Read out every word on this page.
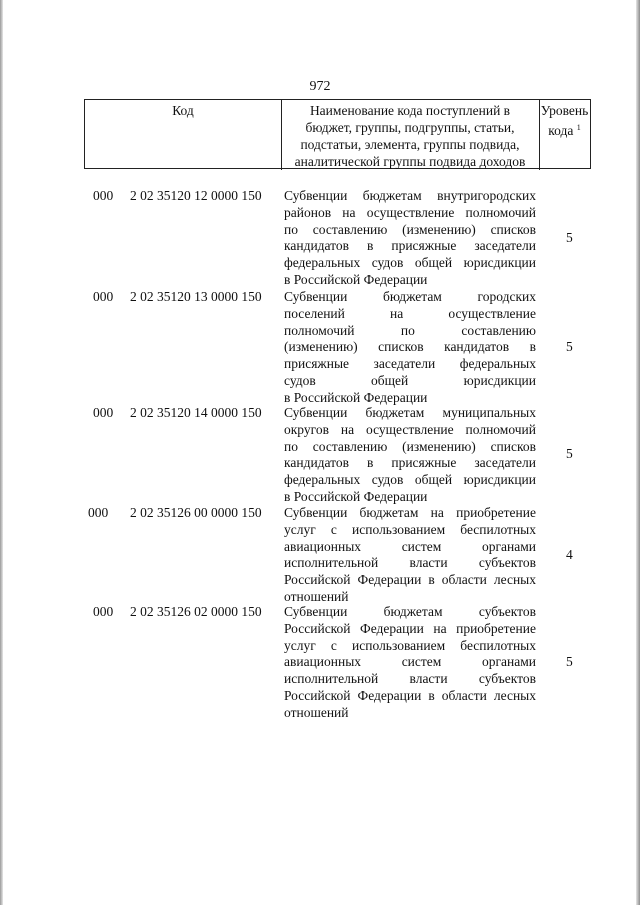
972
Код	Наименование кода поступлений в
бюджет, группы, подгруппы, статьи,
подстатьи, элемента, группы подвида,
аналитической группы подвида доходов
Уровень
кода $^1$
000 2 02 35120 12 0000 150 Субвенции бюджетам внутригородских
районов на осуществление полномочий
по составлению (изменению) списков
кандидатов в присяжные заседатели
федеральных судов общей юрисдикции
в Российской Федерации
5
000 2 02 35120 13 0000 150 Субвенции бюджетам городских
поселений на осуществление
полномочий по составлению
(изменению) списков кандидатов в
присяжные заседатели федеральных
судов общей юрисдикции
в Российской Федерации
5
000 2 02 35120 14 0000 150 Субвенции бюджетам муниципальных
округов на осуществление полномочий
по составлению (изменению) списков
кандидатов в присяжные заседатели
федеральных судов общей юрисдикции
в Российской Федерации
5
000 2 02 35126 00 0000 150 Субвенции бюджетам на приобретение
услуг с использованием беспилотных
авиационных систем органами
исполнительной власти субъектов
Российской Федерации в области лесных
отношений
4
000 2 02 35126 02 0000 150 Субвенции бюджетам субъектов
Российской Федерации на приобретение
услуг с использованием беспилотных
авиационных систем органами
исполнительной власти субъектов
Российской Федерации в области лесных
отношений
5
